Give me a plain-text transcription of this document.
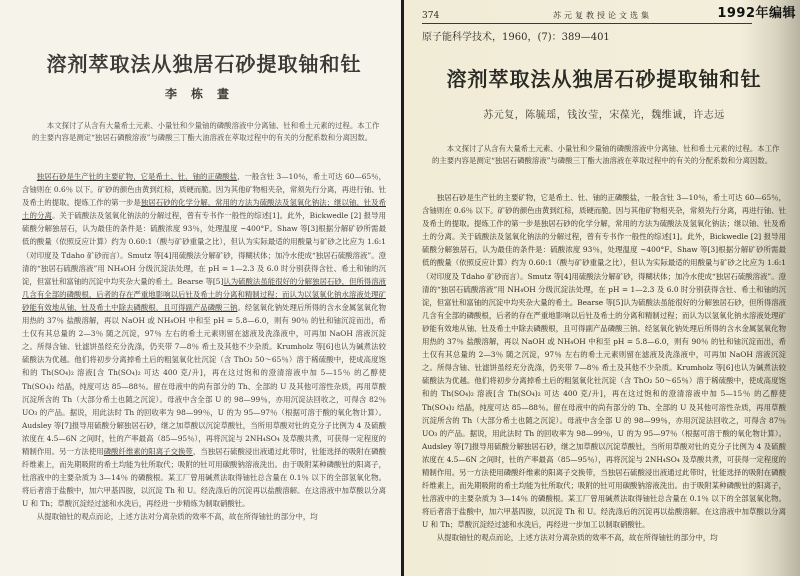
溶剂萃取法从独居石砂提取铀和钍
李栋晝
本文探讨了从含有大量希土元素、小量钍和少量铀的磷酸溶液中分离铀、钍和希土元素的过程。本工作的主要内容是测定“独居石磷酸溶液”与磷酸三丁酯大油溶液在萃取过程中的有关的分配系数和分离因数。

独居石砂是生产钍的主要矿物，它是希土、钍、铀的正磷酸盐，一般含钍 3—10％，希土可达 60—65％，含铀则在 0.6％ 以下。矿砂的颜色由黄到红棕，质硬而脆。因为其他矿物相夹杂，常须先行分离，再进行铀、钍及希土的提取。提炼工作的第一步是独居石砂的化学分解，常用的方法为硫酸法及氢氧化钠法；继以铀、钍及希土的分离。关于硫酸法及氢氧化钠法的分解过程，曾有专书作一般性的综述[1]。此外，Bickwedle [2] 报导用硫酸分解独居石，认为最佳的条件是：硫酸浓度 93％，处理温度 ~400°F。Shaw 等[3]根据分解矿砂所需最低的酸量（依照反应计算）约为 0.60:1（酸与矿砂重量之比），但认为实际最适的用酸量与矿砂之比应为 1.6:1（对印度及 Tdaho 矿砂而言）。Smutz 等[4]用硫酸法分解矿砂，得糊状体；加冷水使成“独居石硫酸溶液”。澄清的“独居石硫酸溶液”用 NH₄OH 分级沉淀法处理，在 pH = 1—2.3 及 6.0 时分别获得含钍、希土和铀的沉淀，但富钍和富铀的沉淀中均夹杂大量的希土。Bearse 等[5]认为硫酸法虽能很好的分解独居石砂，但所得溶液几含有全部的磷酸根，后者的存在严重地影响以后钍及希土的分离和精制过程；而认为以氢氧化钠水溶液处理矿砂能有效地从铀、钍及希土中除去磷酸根，且可得副产品磷酸三钠。经氢氧化钠处理后所得的含水金属氢氧化物用热的 37％ 盐酸溶解，再以 NaOH 或 NH₄OH 中和至 pH = 5.8—6.0，则有 90％ 的钍和铀沉淀而出，希土仅有其总量的 2—3％ 随之沉淀，97％ 左右的希土元素则留在滤液及洗涤液中，可再加 NaOH 溶液沉淀之。所得含铀、钍滤饼虽经充分洗涤，仍夹带 7—8％ 希土及其他不少杂质。Krumholz 等[6]也认为碱煮法较硫酸法为优越。他们将初步分离掉希土后的粗氢氧化钍沉淀（含 ThO₂ 50～65％）溶于稀硫酸中，使成高度饱和的 Th(SO₄)₂ 溶液[含 Th(SO₄)₂ 可达 400 克/升]，再在这过饱和的澄清溶液中加 5—15％ 的乙醇使 Th(SO₄)₂ 结晶，纯度可达 85—88％。留在母液中的尚有部分的 Th、全部的 U 及其他可溶性杂质，再用草酸沉淀所含的 Th（大部分希土也随之沉淀）。母液中含全部 U 的 98—99％，亦用沉淀法回收之，可得含 82％ UO₃ 的产品。据说，用此法时 Th 的回收率为 98—99％，U 的为 95—97％（根据可溶于酸的氧化物计算）。Audsley 等[7]报导用硫酸分解独居石砂，继之加草酸以沉淀草酸钍，当所用草酸对钍的克分子比例为 4 及硫酸浓度在 4.5—6N 之间时，钍的产率最高（85—95％），再将沉淀与 2NH₄SO₄ 及草酸共煮，可获得一定程度的精制作用。另一方法使用磷酸纤维素的阳离子交换带，当独居石硫酸浸出液通过此带时，钍能选择的吸附在磷酸纤维素上，而先期吸附的希土均能为钍所取代；吸附的钍可用碳酸钠溶液洗出。由于吸附某种磷酸钍的阳离子，钍溶液中的主要杂质为 3—14％ 的磷酸根。某工厂曾用碱煮法取得铀钍总含量在 0.1％ 以下的全部氢氧化物。将后者溶于盐酸中，加六甲基四胺，以沉淀 Th 和 U。经洗涤后的沉淀再以盐酸溶解。在这溶液中加草酸以分离 U 和 Th；草酸沉淀经过滤和水洗后，再经进一步精炼为制取硝酸钍。

从提取铀钍的观点而论，上述方法对分离杂质的效率不高，故在所得铀钍的部分中，均

374	苏元复教授论文选集
原子能科学技术，1960，(7)：389—401
溶剂萃取法从独居石砂提取铀和钍
苏元复，陈毓瑶，钱汝莹，宋葆光，魏维诚，许志远
本文探讨了从含有大量希土元素、小量钍和少量铀的磷酸溶液中分离铀、钍和希土元素的过程。本工作的主要内容是测定“独居石磷酸溶液”与磷酸三丁酯大油溶液在萃取过程中的有关的分配系数和分离因数。

独居石砂是生产钍的主要矿物，它是希土、钍、铀的正磷酸盐，一般含钍 3—10％，希土可达 60—65％，含铀则在 0.6％ 以下。矿砂的颜色由黄到红棕，质硬而脆。因与其他矿物相夹杂，常须先行分离，再进行铀、钍及希土的提取。提炼工作的第一步是独居石砂的化学分解，常用的方法为硫酸法及氢氧化钠法；继以铀、钍及希土的分离。关于硫酸法及氢氧化钠法的分解过程，曾有专书作一般性的综述[1]。此外，Bickwedle [2] 报导用硫酸分解独居石，认为最佳的条件是：硫酸浓度 93％，处理温度 ~400°F。Shaw 等[3]根据分解矿砂所需最低的酸量（依照反应计算）约为 0.60:1（酸与矿砂重量之比），但认为实际最适的用酸量与矿砂之比应为 1.6:1（对印度及 Tdaho 矿砂而言）。Smutz 等[4]用硫酸法分解矿砂，得糊状体；加冷水使成“独居石硫酸溶液”。澄清的“独居石硫酸溶液”用 NH₄OH 分级沉淀法处理，在 pH = 1—2.3 及 6.0 时分别获得含钍、希土和铀的沉淀，但富钍和富铀的沉淀中均夹杂大量的希土。Bearse 等[5]认为硫酸法虽能很好的分解独居石砂，但所得溶液几含有全部的磷酸根，后者的存在严重地影响以后钍及希土的分离和精制过程；而认为以氢氧化钠水溶液处理矿砂能有效地从铀、钍及希土中除去磷酸根，且可得副产品磷酸三钠。经氢氧化钠处理后所得的含水金属氢氧化物用热的 37％ 盐酸溶解，再以 NaOH 或 NH₄OH 中和至 pH = 5.8—6.0，则有 90％ 的钍和铀沉淀而出，希土仅有其总量的 2—3％ 随之沉淀，97％ 左右的希土元素则留在滤液及洗涤液中，可再加 NaOH 溶液沉淀之。所得含铀、钍滤饼虽经充分洗涤，仍夹带 7—8％ 希土及其他不少杂质。Krumholz 等[6]也认为碱煮法较硫酸法为优越。他们将初步分离掉希土后的粗氢氧化钍沉淀（含 ThO₂ 50～65％）溶于稀硫酸中，使成高度饱和的 Th(SO₄)₂ 溶液[含 Th(SO₄)₂ 可达 400 克/升]，再在这过饱和的澄清溶液中加 5—15％ 的乙醇使 Th(SO₄)₂ 结晶，纯度可达 85—88％。留在母液中的尚有部分的 Th、全部的 U 及其他可溶性杂质，再用草酸沉淀所含的 Th（大部分希土也随之沉淀）。母液中含全部 U 的 98—99％，亦用沉淀法回收之，可得含 87％ UO₃ 的产品。据说，用此法时 Th 的回收率为 98—99％，U 的为 95—97％（根据可溶于酸的氧化物计算）。Audsley 等[7]报导用硫酸分解独居石砂，继之加草酸以沉淀草酸钍，当所用草酸对钍的克分子比例为 4 及硫酸浓度在 4.5—6N 之间时，钍的产率最高（85—95％），再将沉淀与 2NH₄SO₄ 及草酸共煮，可获得一定程度的精制作用。另一方法使用磷酸纤维素的阳离子交换带，当独居石硫酸浸出液通过此带时，钍能选择的吸附在磷酸纤维素上，而先期吸附的希土均能为钍所取代；吸附的钍可用碳酸钠溶液洗出。由于吸附某种磷酸钍的阳离子，钍溶液中的主要杂质为 3—14％ 的磷酸根。某工厂曾用碱煮法取得铀钍总含量在 0.1％ 以下的全部氢氧化物。将后者溶于盐酸中，加六甲基四胺，以沉淀 Th 和 U。经洗涤后的沉淀再以盐酸溶解。在这溶液中加草酸以分离 U 和 Th；草酸沉淀经过滤和水洗后，再经进一步加工以制取硝酸钍。

从提取铀钍的观点而论，上述方法对分离杂质的效率不高，故在所得铀钍的部分中，均

1992年编辑
